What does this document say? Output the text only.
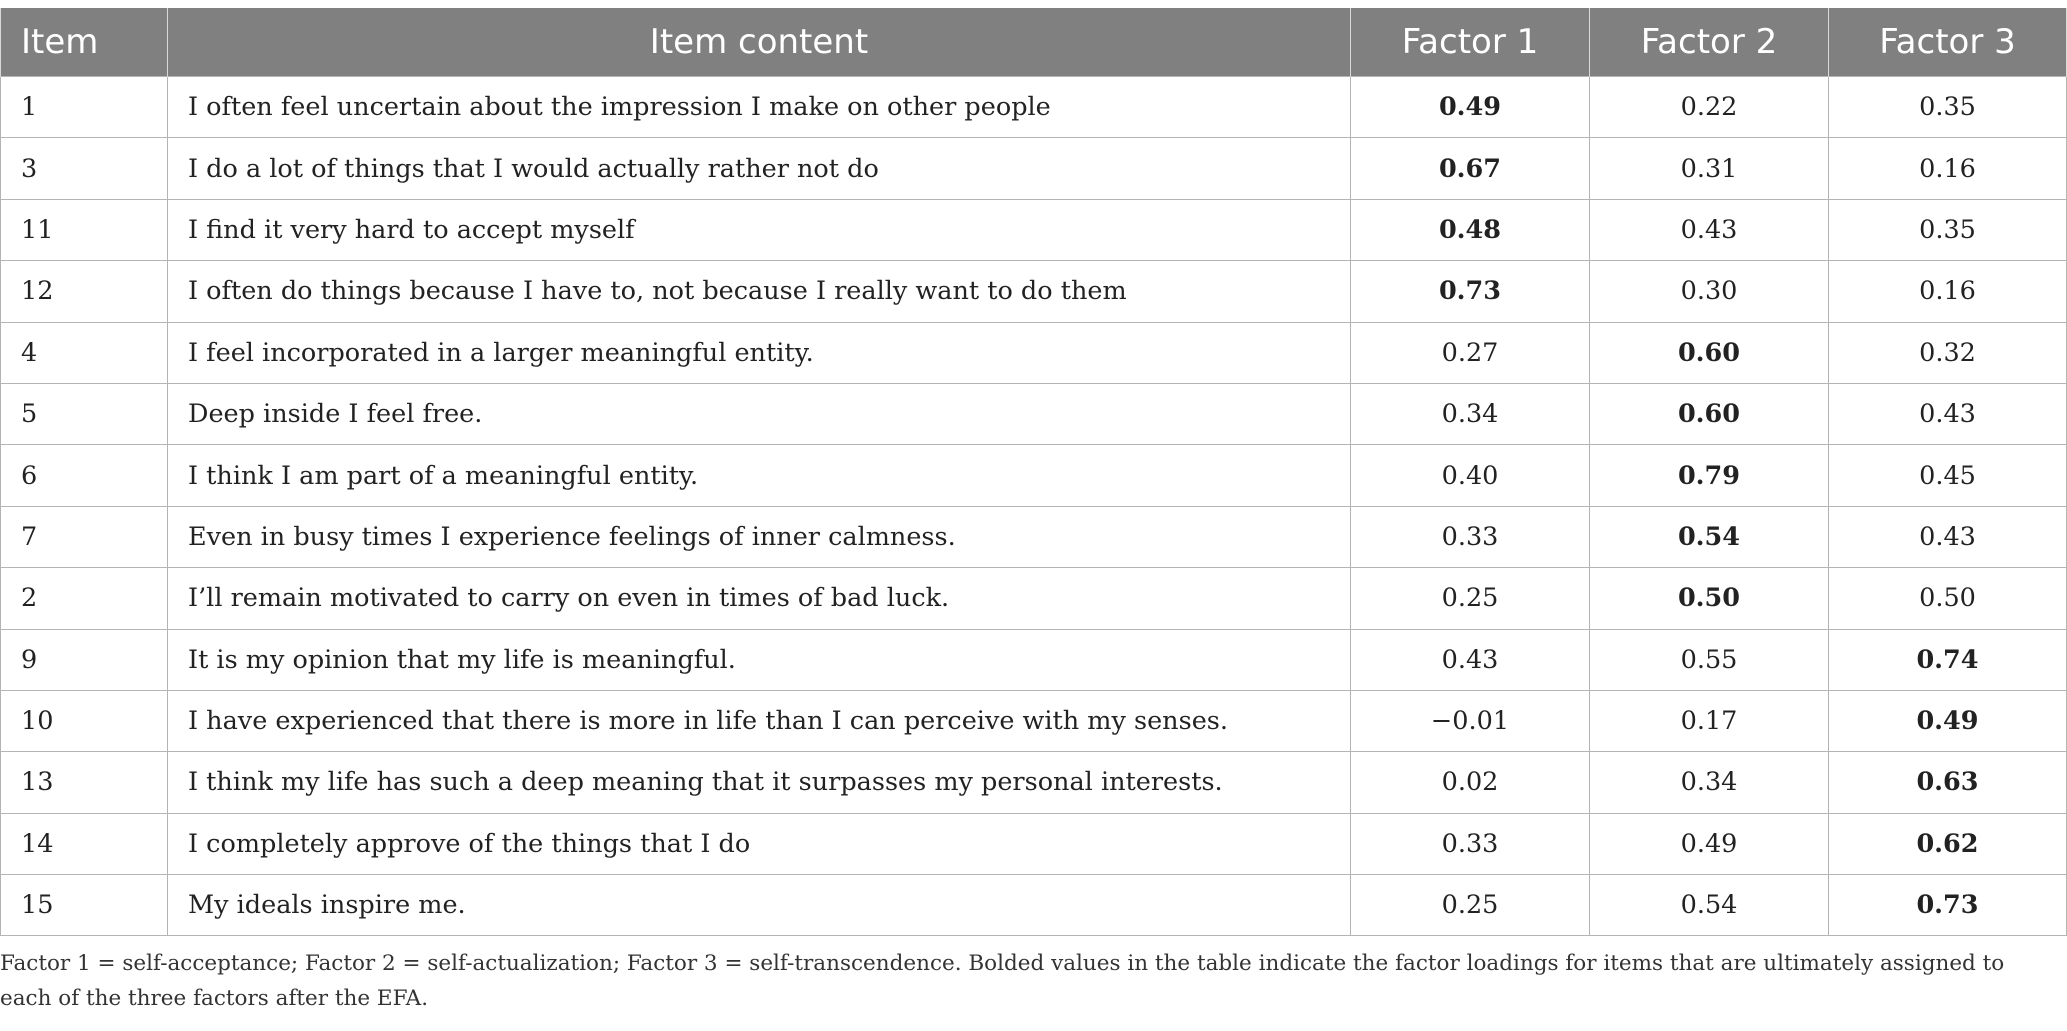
Item	Item content	Factor 1	Factor 2	Factor 3
1	I often feel uncertain about the impression I make on other people	0.49	0.22	0.35
3	I do a lot of things that I would actually rather not do	0.67	0.31	0.16
11	I find it very hard to accept myself	0.48	0.43	0.35
12	I often do things because I have to, not because I really want to do them	0.73	0.30	0.16
4	I feel incorporated in a larger meaningful entity.	0.27	0.60	0.32
5	Deep inside I feel free.	0.34	0.60	0.43
6	I think I am part of a meaningful entity.	0.40	0.79	0.45
7	Even in busy times I experience feelings of inner calmness.	0.33	0.54	0.43
2	I’ll remain motivated to carry on even in times of bad luck.	0.25	0.50	0.50
9	It is my opinion that my life is meaningful.	0.43	0.55	0.74
10	I have experienced that there is more in life than I can perceive with my senses.	−0.01	0.17	0.49
13	I think my life has such a deep meaning that it surpasses my personal interests.	0.02	0.34	0.63
14	I completely approve of the things that I do	0.33	0.49	0.62
15	My ideals inspire me.	0.25	0.54	0.73
Factor 1 = self-acceptance; Factor 2 = self-actualization; Factor 3 = self-transcendence. Bolded values in the table indicate the factor loadings for items that are ultimately assigned to each of the three factors after the EFA.
